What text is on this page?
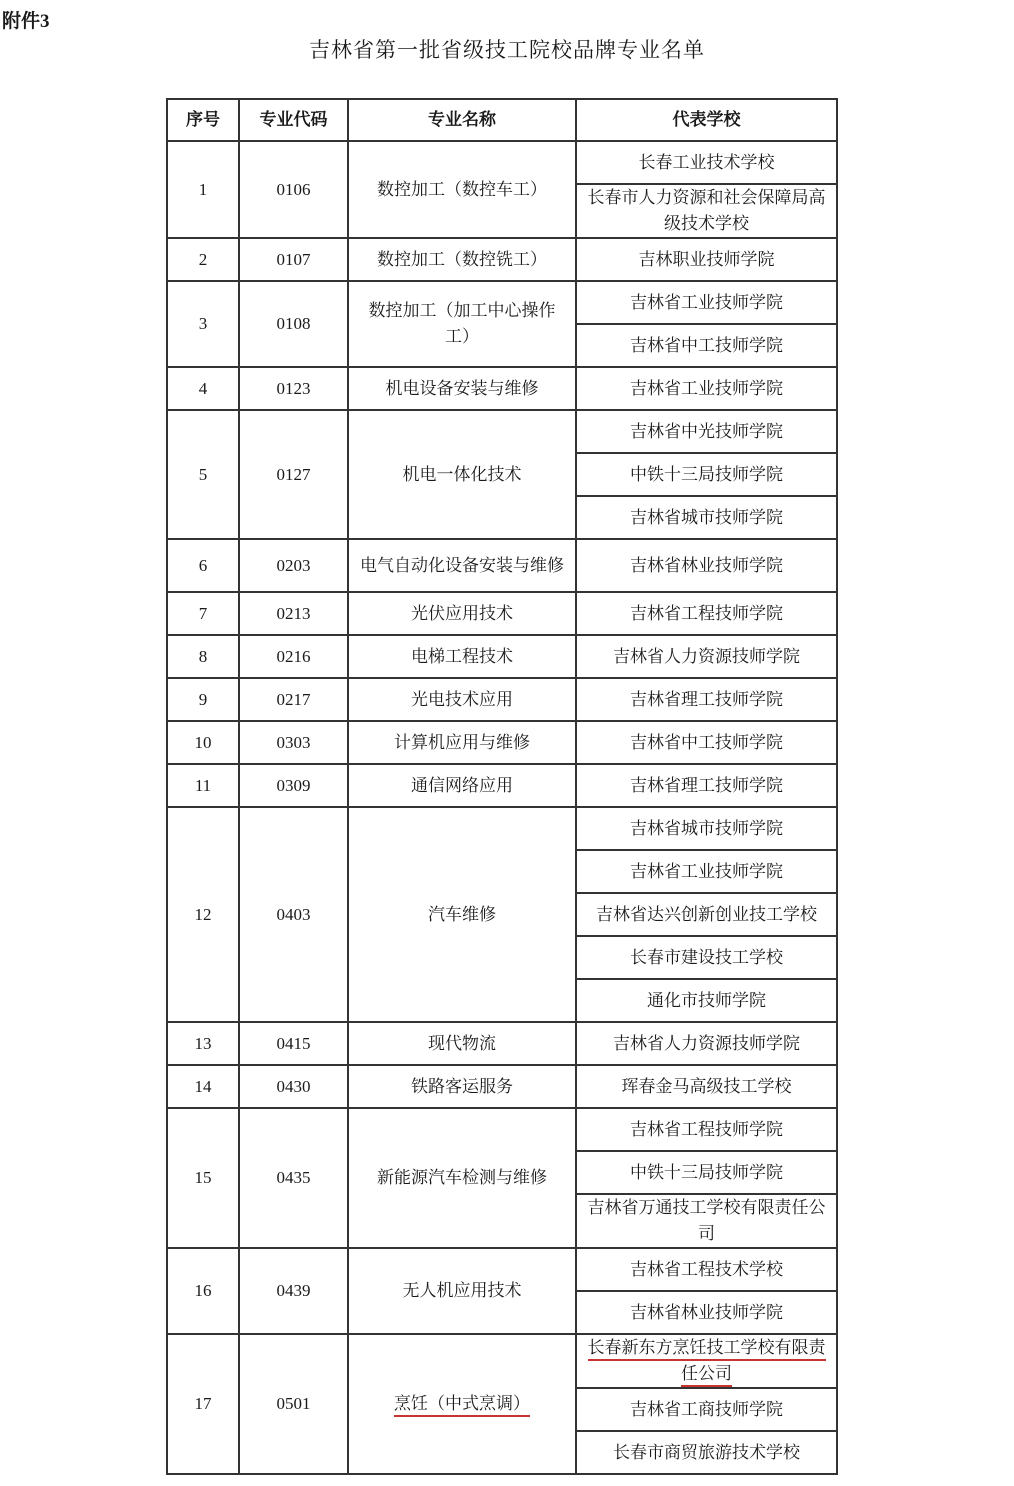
附件3
吉林省第一批省级技工院校品牌专业名单
序号	专业代码	专业名称	代表学校
1	0106	数控加工（数控车工）	长春工业技术学校
			长春市人力资源和社会保障局高级技术学校
2	0107	数控加工（数控铣工）	吉林职业技师学院
3	0108	数控加工（加工中心操作工）	吉林省工业技师学院
			吉林省中工技师学院
4	0123	机电设备安装与维修	吉林省工业技师学院
5	0127	机电一体化技术	吉林省中光技师学院
			中铁十三局技师学院
			吉林省城市技师学院
6	0203	电气自动化设备安装与维修	吉林省林业技师学院
7	0213	光伏应用技术	吉林省工程技师学院
8	0216	电梯工程技术	吉林省人力资源技师学院
9	0217	光电技术应用	吉林省理工技师学院
10	0303	计算机应用与维修	吉林省中工技师学院
11	0309	通信网络应用	吉林省理工技师学院
12	0403	汽车维修	吉林省城市技师学院
			吉林省工业技师学院
			吉林省达兴创新创业技工学校
			长春市建设技工学校
			通化市技师学院
13	0415	现代物流	吉林省人力资源技师学院
14	0430	铁路客运服务	珲春金马高级技工学校
15	0435	新能源汽车检测与维修	吉林省工程技师学院
			中铁十三局技师学院
			吉林省万通技工学校有限责任公司
16	0439	无人机应用技术	吉林省工程技术学校
			吉林省林业技师学院
17	0501	烹饪（中式烹调）	长春新东方烹饪技工学校有限责任公司
			吉林省工商技师学院
			长春市商贸旅游技术学校
